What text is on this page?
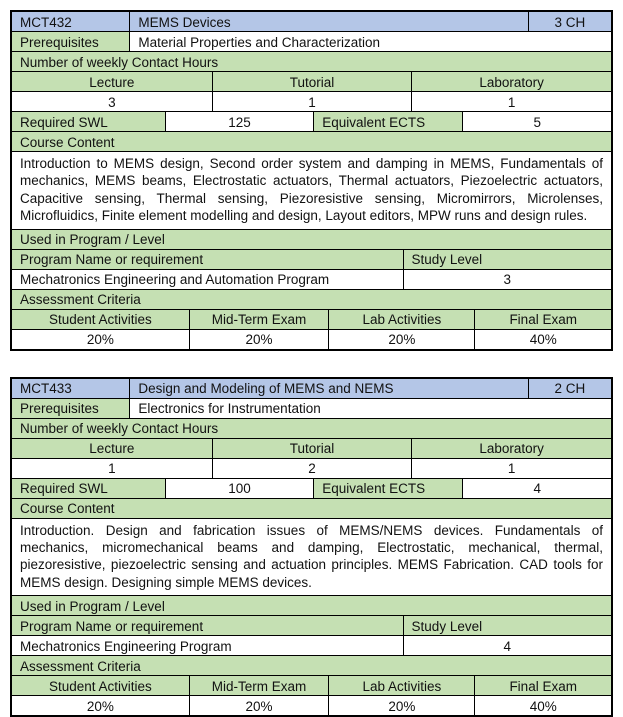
MCT432	MEMS Devices	3 CH
Prerequisites	Material Properties and Characterization
Number of weekly Contact Hours
Lecture	Tutorial	Laboratory
3	1	1
Required SWL	125	Equivalent ECTS	5
Course Content
Introduction to MEMS design, Second order system and damping in MEMS, Fundamentals of mechanics, MEMS beams, Electrostatic actuators, Thermal actuators, Piezoelectric actuators, Capacitive sensing, Thermal sensing, Piezoresistive sensing, Micromirrors, Microlenses, Microfluidics, Finite element modelling and design, Layout editors, MPW runs and design rules.
Used in Program / Level
Program Name or requirement	Study Level
Mechatronics Engineering and Automation Program	3
Assessment Criteria
Student Activities	Mid-Term Exam	Lab Activities	Final Exam
20%	20%	20%	40%
MCT433	Design and Modeling of MEMS and NEMS	2 CH
Prerequisites	Electronics for Instrumentation
Number of weekly Contact Hours
Lecture	Tutorial	Laboratory
1	2	1
Required SWL	100	Equivalent ECTS	4
Course Content
Introduction. Design and fabrication issues of MEMS/NEMS devices. Fundamentals of mechanics, micromechanical beams and damping, Electrostatic, mechanical, thermal, piezoresistive, piezoelectric sensing and actuation principles. MEMS Fabrication. CAD tools for MEMS design. Designing simple MEMS devices.
Used in Program / Level
Program Name or requirement	Study Level
Mechatronics Engineering Program	4
Assessment Criteria
Student Activities	Mid-Term Exam	Lab Activities	Final Exam
20%	20%	20%	40%
